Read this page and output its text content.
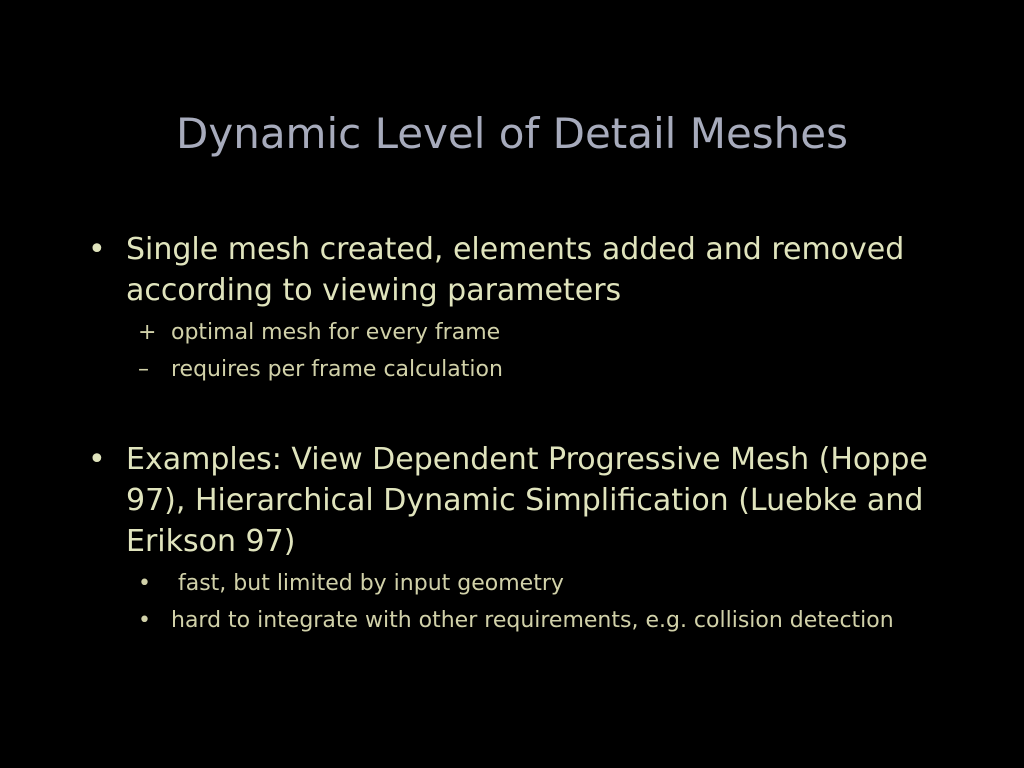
Dynamic Level of Detail Meshes
• Single mesh created, elements added and removed according to viewing parameters
+ optimal mesh for every frame
–	requires per frame calculation
• Examples: View Dependent Progressive Mesh (Hoppe 97), Hierarchical Dynamic Simplification (Luebke and Erikson 97)
• fast, but limited by input geometry
• hard to integrate with other requirements, e.g. collision detection
